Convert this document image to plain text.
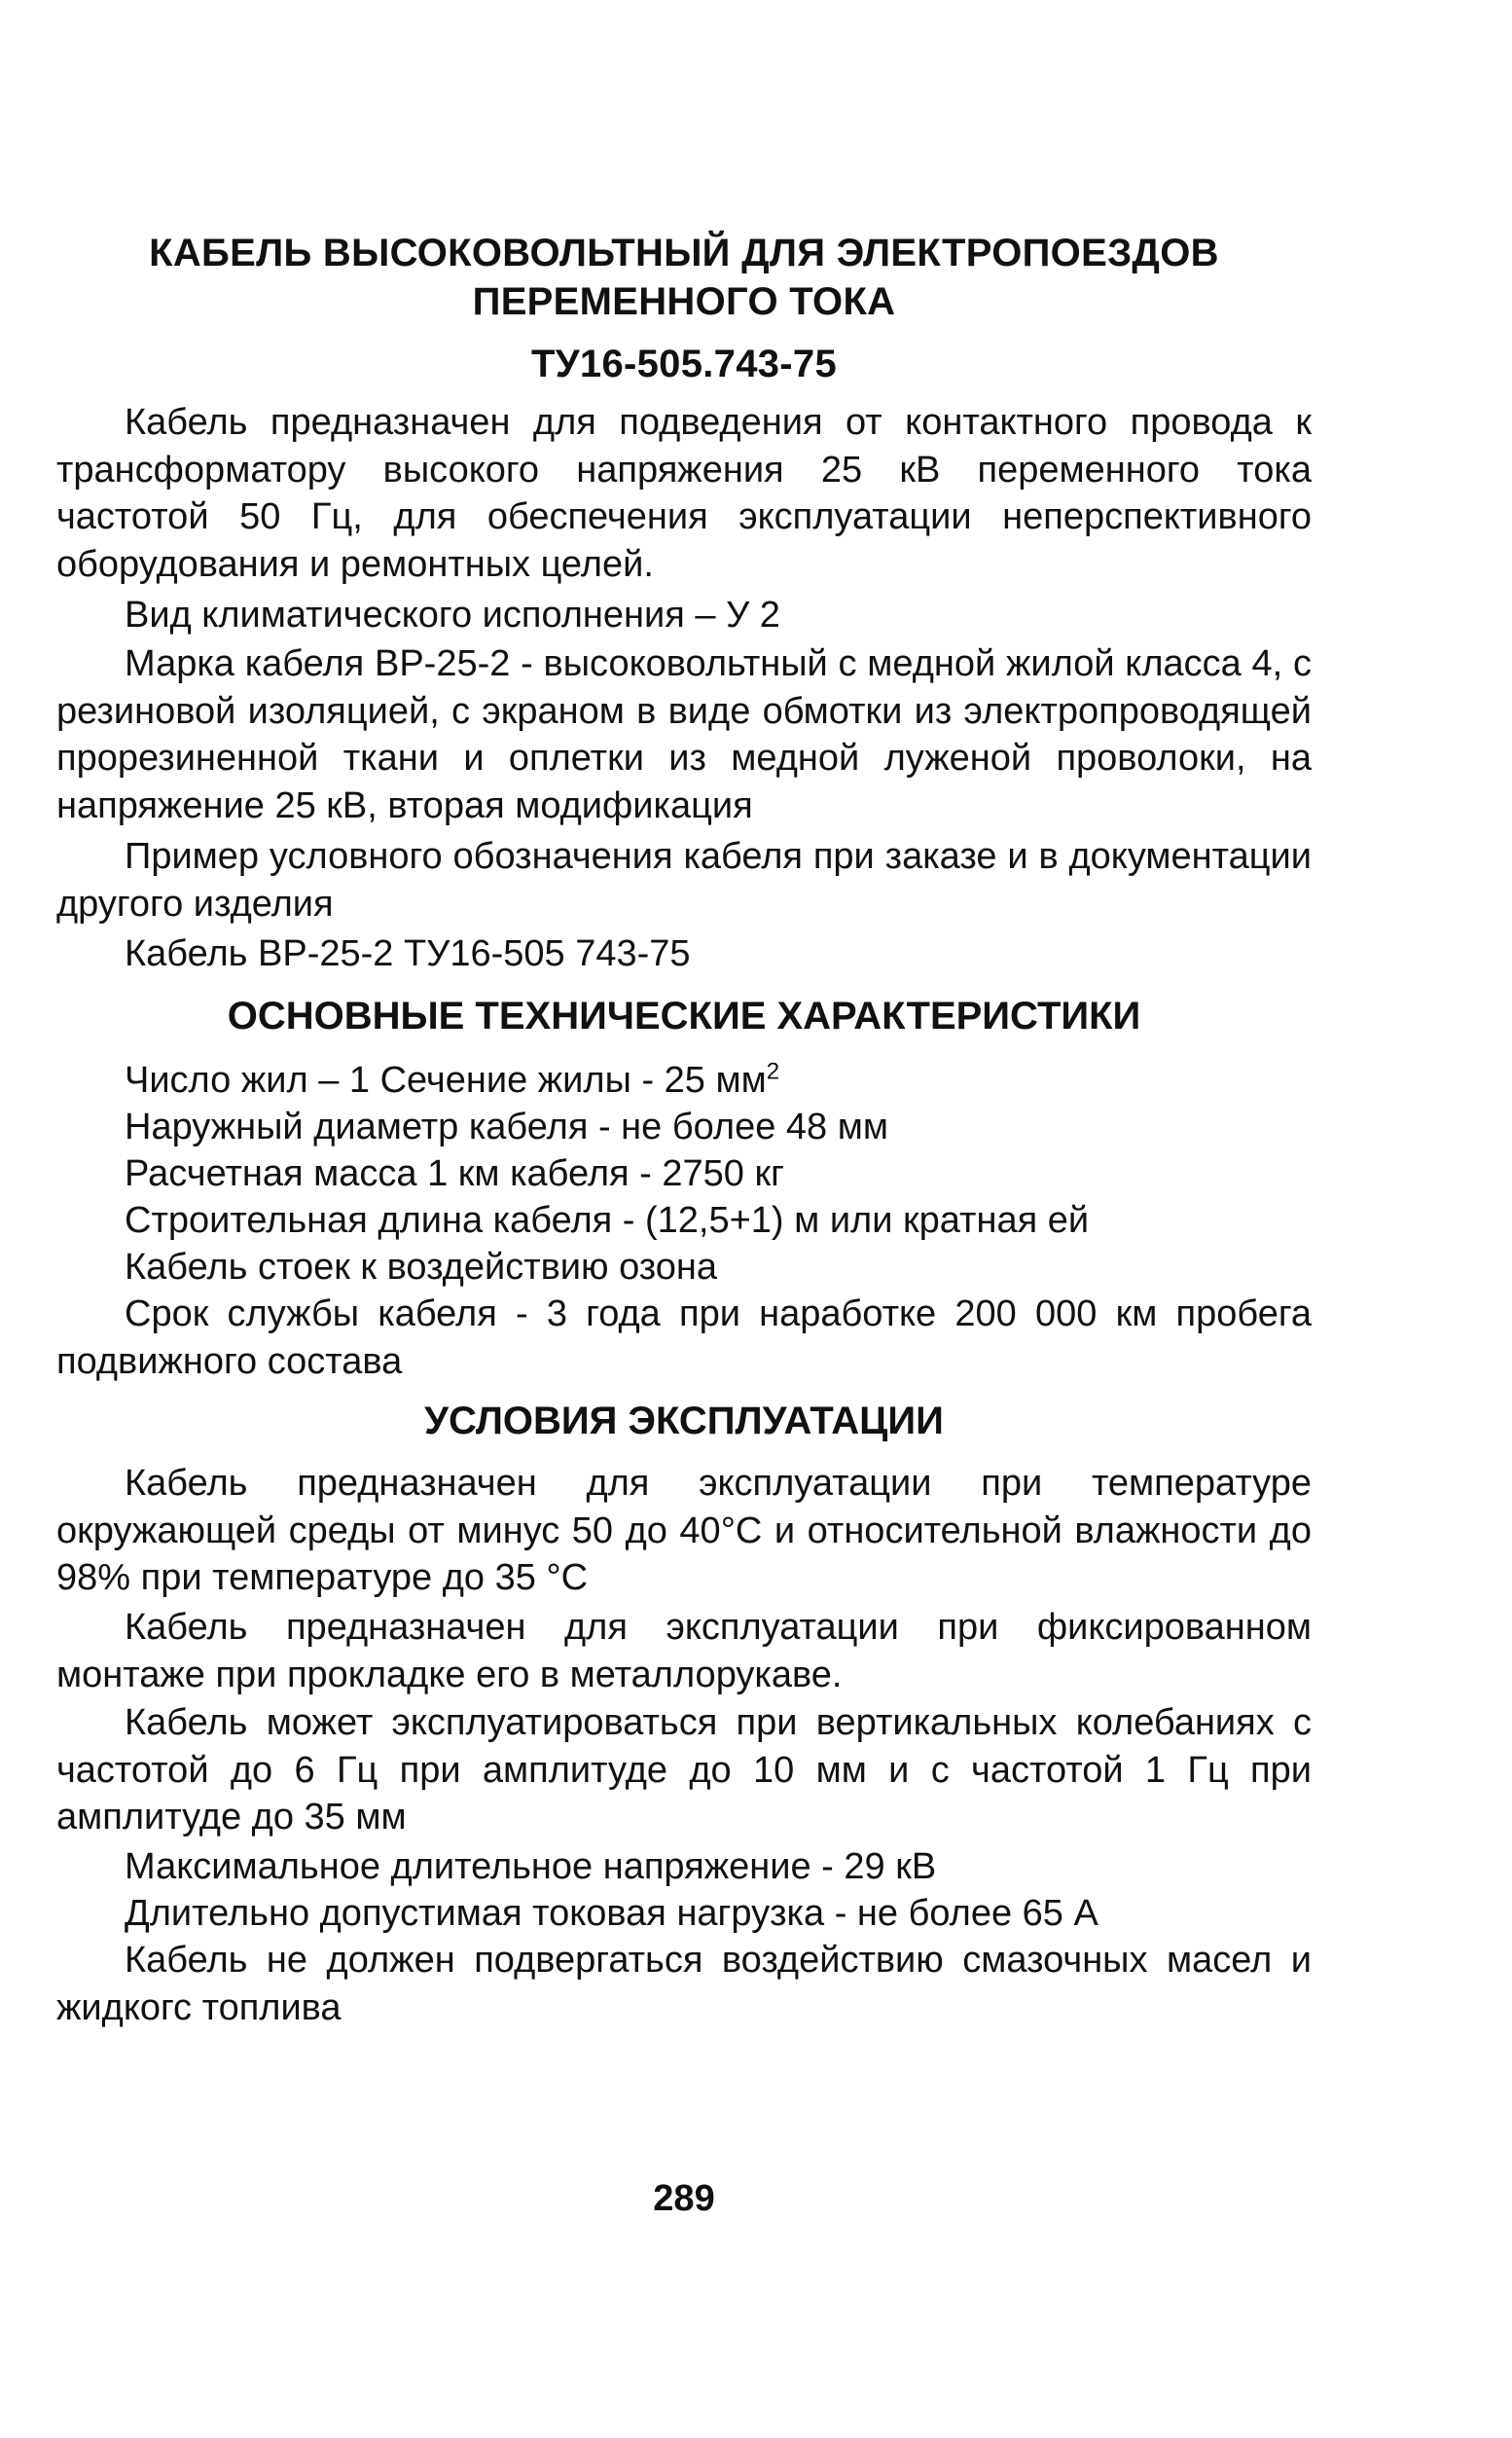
КАБЕЛЬ ВЫСОКОВОЛЬТНЫЙ ДЛЯ ЭЛЕКТРОПОЕЗДОВ
ПЕРЕМЕННОГО ТОКА
ТУ16-505.743-75

Кабель предназначен для подведения от контактного провода к трансформатору высокого напряжения 25 кВ переменного тока частотой 50 Гц, для обеспечения эксплуатации неперспективного оборудования и ремонтных целей.

Вид климатического исполнения – У 2

Марка кабеля ВР-25-2 - высоковольтный с медной жилой класса 4, с резиновой изоляцией, с экраном в виде обмотки из электропроводящей прорезиненной ткани и оплетки из медной луженой проволоки, на напряжение 25 кВ, вторая модификация

Пример условного обозначения кабеля при заказе и в документации другого изделия

Кабель ВР-25-2 ТУ16-505 743-75
ОСНОВНЫЕ ТЕХНИЧЕСКИЕ ХАРАКТЕРИСТИКИ
Число жил – 1 Сечение жилы - 25 $мм^2$
Наружный диаметр кабеля - не более 48 мм
Расчетная масса 1 км кабеля - 2750 кг
Строительная длина кабеля - (12,5+1) м или кратная ей
Кабель стоек к воздействию озона

Срок службы кабеля - 3 года при наработке 200 000 км пробега подвижного состава

УСЛОВИЯ ЭКСПЛУАТАЦИИ

Кабель предназначен для эксплуатации при температуре окружающей среды от минус 50 до 40°С и относительной влажности до 98% при температуре до 35 °С

Кабель предназначен для эксплуатации при фиксированном монтаже при прокладке его в металлорукаве.

Кабель может эксплуатироваться при вертикальных колебаниях с частотой до 6 Гц при амплитуде до 10 мм и с частотой 1 Гц при амплитуде до 35 мм

Максимальное длительное напряжение - 29 кВ
Длительно допустимая токовая нагрузка - не более 65 А

Кабель не должен подвергаться воздействию смазочных масел и жидкогс топлива

289
